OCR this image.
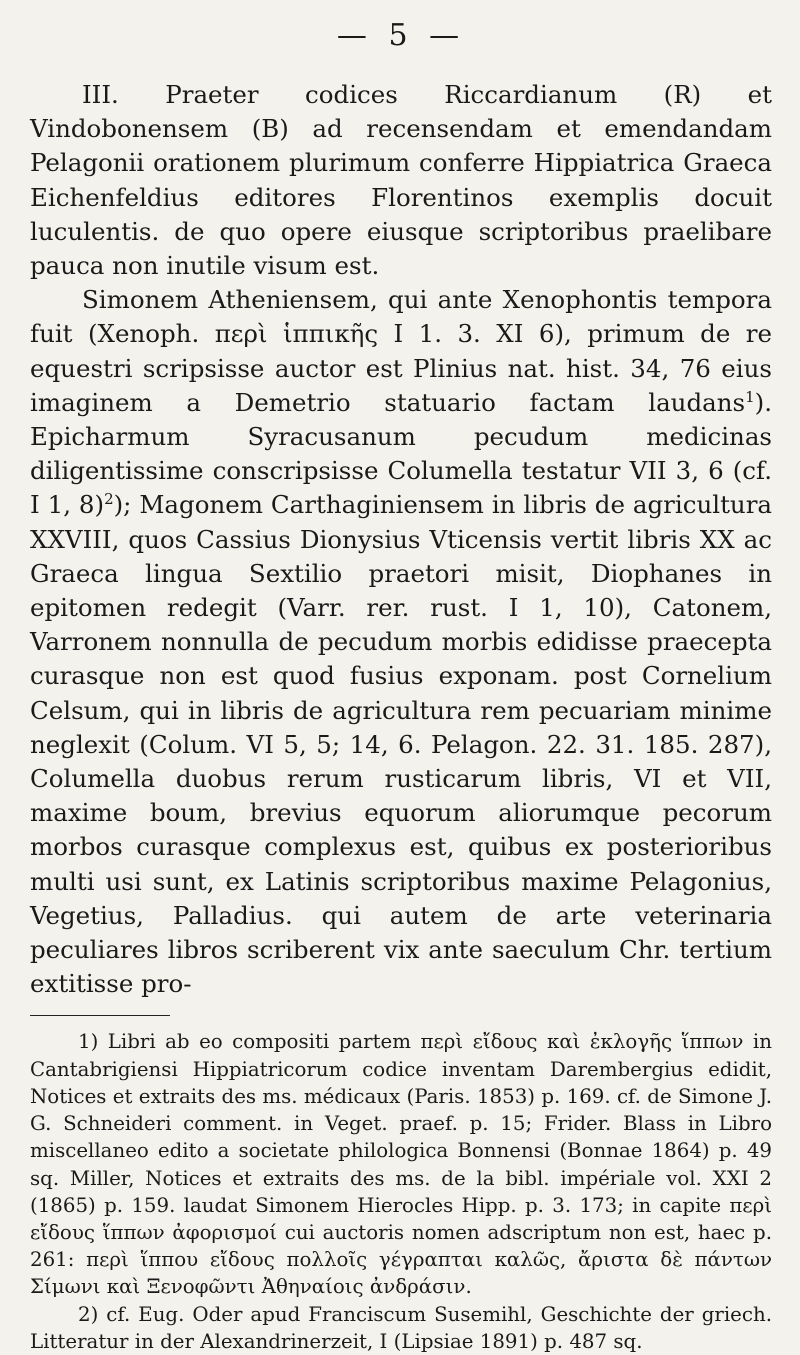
— 5 —

III. Praeter codices Riccardianum (R) et Vindobonensem (B) ad recensendam et emendandam Pelagonii orationem plurimum conferre Hippiatrica Graeca Eichenfeldius editores Florentinos exemplis docuit luculentis. de quo opere eiusque scriptoribus praelibare pauca non inutile visum est.

Simonem Atheniensem, qui ante Xenophontis tempora fuit (Xenoph. περὶ ἱππικῆς I 1. 3. XI 6), primum de re equestri scripsisse auctor est Plinius nat. hist. 34, 76 eius imaginem a Demetrio statuario factam laudans$^1$). Epicharmum Syracusanum pecudum medicinas diligentissime conscripsisse Columella testatur VII 3, 6 (cf. I 1, 8)$^2$); Magonem Carthaginiensem in libris de agricultura XXVIII, quos Cassius Dionysius Vticensis vertit libris XX ac Graeca lingua Sextilio praetori misit, Diophanes in epitomen redegit (Varr. rer. rust. I 1, 10), Catonem, Varronem nonnulla de pecudum morbis edidisse praecepta curasque non est quod fusius exponam. post Cornelium Celsum, qui in libris de agricultura rem pecuariam minime neglexit (Colum. VI 5, 5; 14, 6. Pelagon. 22. 31. 185. 287), Columella duobus rerum rusticarum libris, VI et VII, maxime boum, brevius equorum aliorumque pecorum morbos curasque complexus est, quibus ex posterioribus multi usi sunt, ex Latinis scriptoribus maxime Pelagonius, Vegetius, Palladius. qui autem de arte veterinaria peculiares libros scriberent vix ante saeculum Chr. tertium extitisse pro-

1) Libri ab eo compositi partem περὶ εἴδους καὶ ἐκλογῆς ἵππων in Cantabrigiensi Hippiatricorum codice inventam Darembergius edidit, Notices et extraits des ms. médicaux (Paris. 1853) p. 169. cf. de Simone J. G. Schneideri comment. in Veget. praef. p. 15; Frider. Blass in Libro miscellaneo edito a societate philologica Bonnensi (Bonnae 1864) p. 49 sq. Miller, Notices et extraits des ms. de la bibl. impériale vol. XXI 2 (1865) p. 159. laudat Simonem Hierocles Hipp. p. 3. 173; in capite περὶ εἴδους ἵππων ἀφορισμοί cui auctoris nomen adscriptum non est, haec p. 261: περὶ ἵππου εἴδους πολλοῖς γέγραπται καλῶς, ἄριστα δὲ πάντων Σίμωνι καὶ Ξενοφῶντι Ἀθηναίοις ἀνδράσιν.

2) cf. Eug. Oder apud Franciscum Susemihl, Geschichte der griech. Litteratur in der Alexandrinerzeit, I (Lipsiae 1891) p. 487 sq.
